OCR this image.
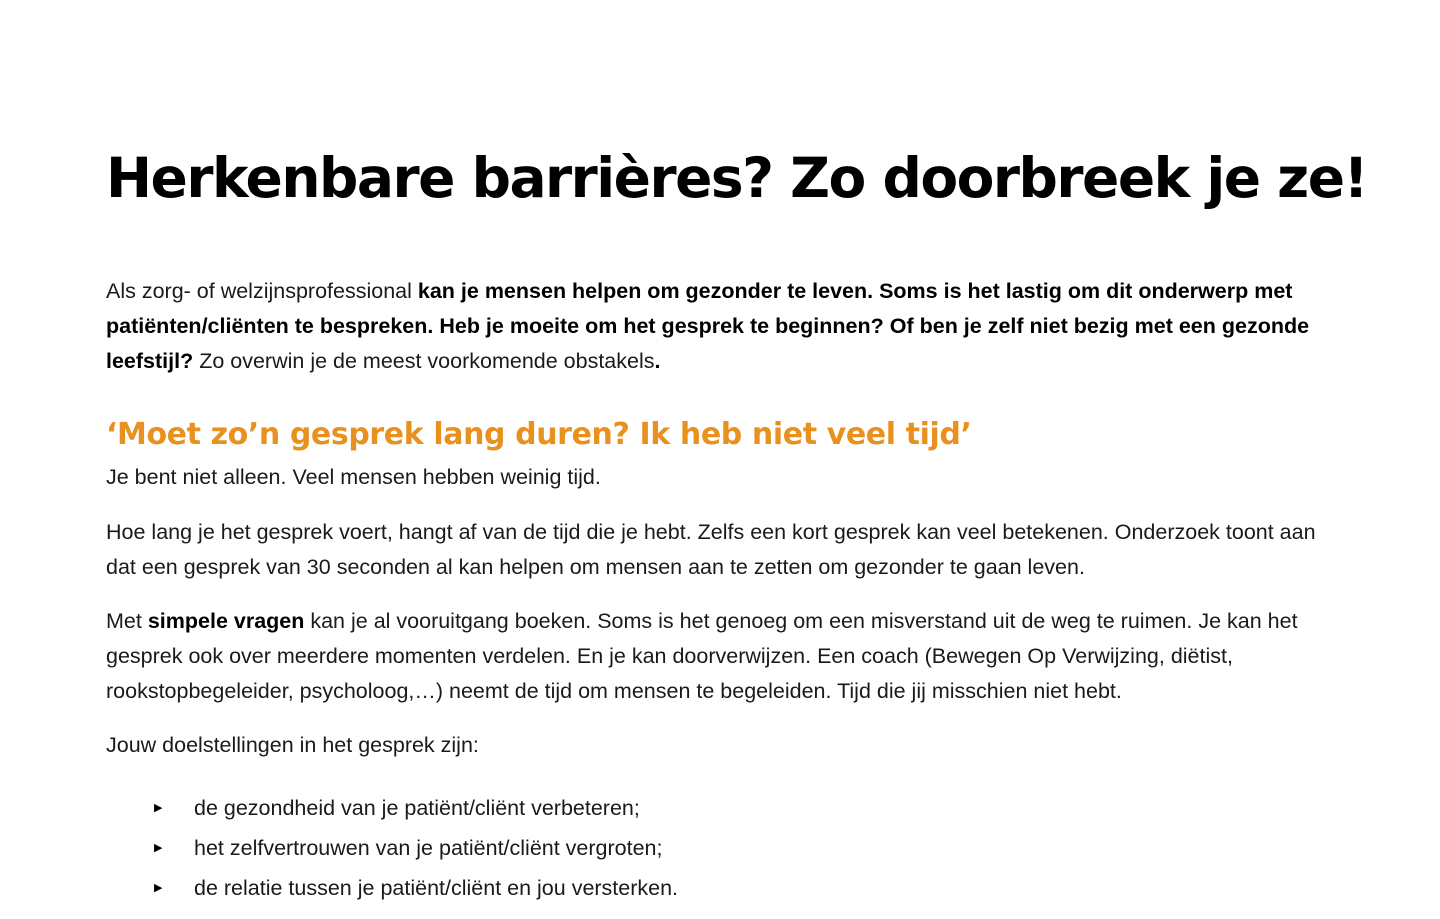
Herkenbare barrières? Zo doorbreek je ze!

Als zorg- of welzijnsprofessional kan je mensen helpen om gezonder te leven. Soms is het lastig om dit onderwerp met patiënten/cliënten te bespreken. Heb je moeite om het gesprek te beginnen? Of ben je zelf niet bezig met een gezonde leefstijl? Zo overwin je de meest voorkomende obstakels.

‘Moet zo’n gesprek lang duren? Ik heb niet veel tijd’

Je bent niet alleen. Veel mensen hebben weinig tijd.

Hoe lang je het gesprek voert, hangt af van de tijd die je hebt. Zelfs een kort gesprek kan veel betekenen. Onderzoek toont aan dat een gesprek van 30 seconden al kan helpen om mensen aan te zetten om gezonder te gaan leven.

Met simpele vragen kan je al vooruitgang boeken. Soms is het genoeg om een misverstand uit de weg te ruimen. Je kan het gesprek ook over meerdere momenten verdelen. En je kan doorverwijzen. Een coach (Bewegen Op Verwijzing, diëtist, rookstopbegeleider, psycholoog,…) neemt de tijd om mensen te begeleiden. Tijd die jij misschien niet hebt.

Jouw doelstellingen in het gesprek zijn:

▶ de gezondheid van je patiënt/cliënt verbeteren;
▶ het zelfvertrouwen van je patiënt/cliënt vergroten;
▶ de relatie tussen je patiënt/cliënt en jou versterken.
